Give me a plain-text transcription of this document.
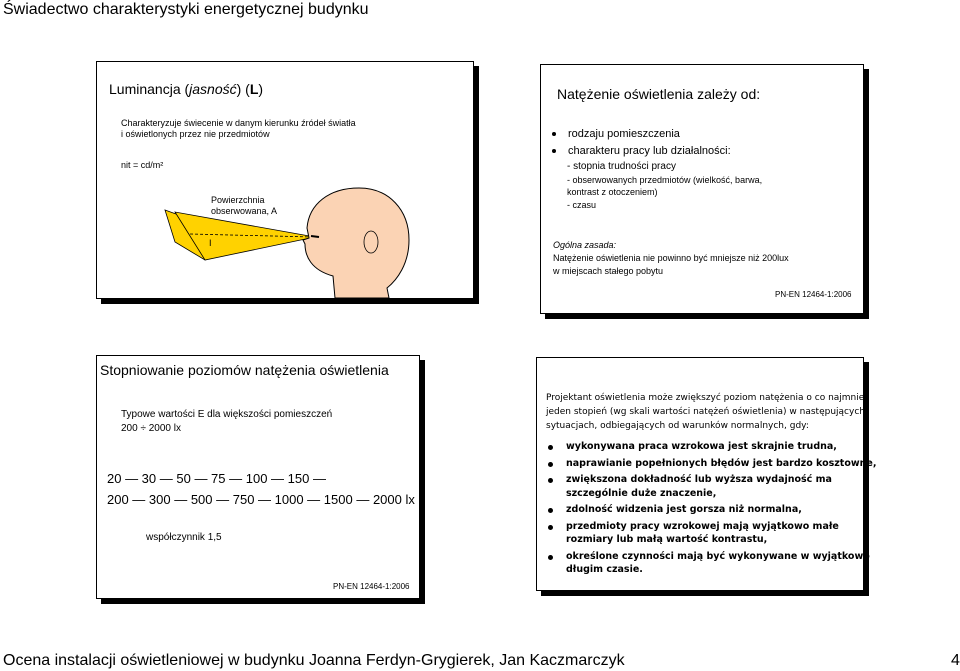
Świadectwo charakterystyki energetycznej budynku
Luminancja (jasność) (L)
Charakteryzuje świecenie w danym kierunku źródeł światła
i oświetlonych przez nie przedmiotów
nit = cd/m²
Powierzchnia
obserwowana, A
I
Natężenie oświetlenia zależy od:
rodzaju pomieszczenia
charakteru pracy lub działalności:
- stopnia trudności pracy
- obserwowanych przedmiotów (wielkość, barwa,
kontrast z otoczeniem)
- czasu
Ogólna zasada:
Natężenie oświetlenia nie powinno być mniejsze niż 200lux
w miejscach stałego pobytu
PN-EN 12464-1:2006
Stopniowanie poziomów natężenia oświetlenia
Typowe wartości E dla większości pomieszczeń
200 ÷ 2000 lx
20 — 30 — 50 — 75 — 100 — 150 —
200 — 300 — 500 — 750 — 1000 — 1500 — 2000 lx
współczynnik 1,5
PN-EN 12464-1:2006
Projektant oświetlenia może zwiększyć poziom natężenia o co najmniej
jeden stopień (wg skali wartości natężeń oświetlenia) w następujących
sytuacjach, odbiegających od warunków normalnych, gdy:
wykonywana praca wzrokowa jest skrajnie trudna,
naprawianie popełnionych błędów jest bardzo kosztowne,
zwiększona dokładność lub wyższa wydajność ma
szczególnie duże znaczenie,
zdolność widzenia jest gorsza niż normalna,
przedmioty pracy wzrokowej mają wyjątkowo małe
rozmiary lub małą wartość kontrastu,
określone czynności mają być wykonywane w wyjątkowo
długim czasie.
Ocena instalacji oświetleniowej w budynku Joanna Ferdyn-Grygierek, Jan Kaczmarczyk	4
